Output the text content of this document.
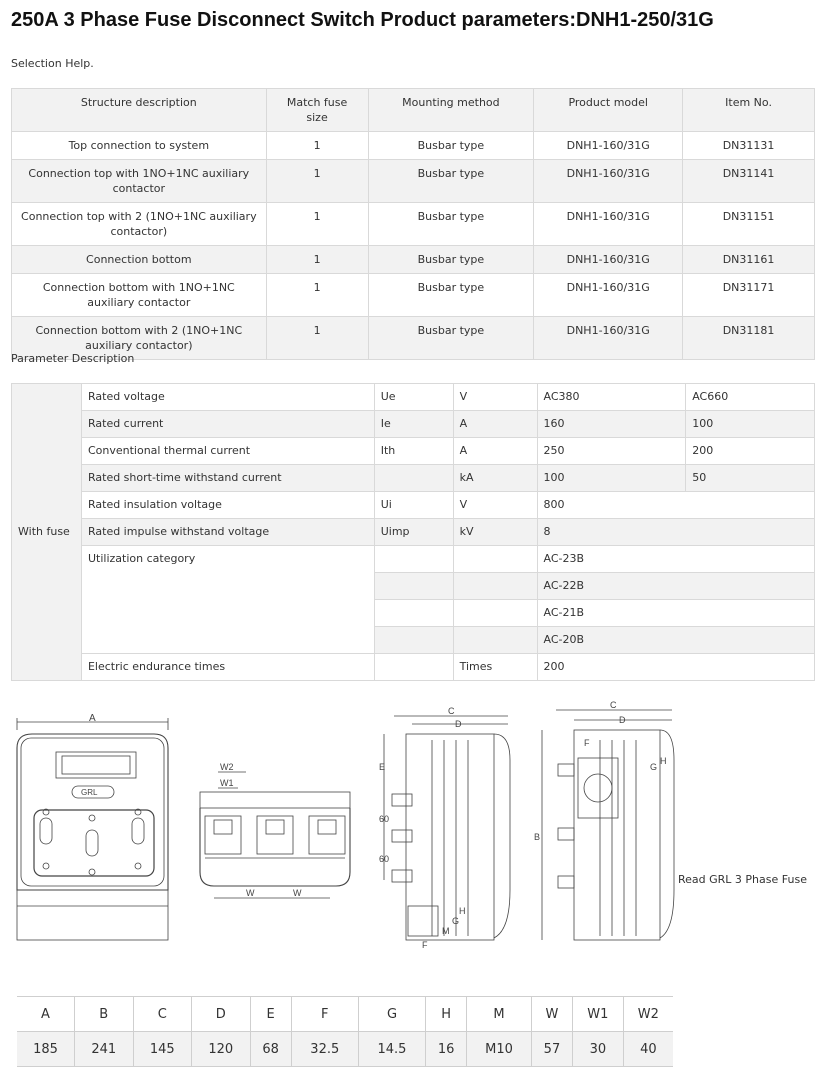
250A 3 Phase Fuse Disconnect Switch Product parameters:DNH1-250/31G
Selection Help.
Structure description	Match fuse size	Mounting method	Product model	Item No.
Top connection to system	1	Busbar type	DNH1-160/31G	DN31131
Connection top with 1NO+1NC auxiliary contactor	1	Busbar type	DNH1-160/31G	DN31141
Connection top with 2 (1NO+1NC auxiliary contactor)	1	Busbar type	DNH1-160/31G	DN31151
Connection bottom	1	Busbar type	DNH1-160/31G	DN31161
Connection bottom with 1NO+1NC auxiliary contactor	1	Busbar type	DNH1-160/31G	DN31171
Connection bottom with 2 (1NO+1NC auxiliary contactor)	1	Busbar type	DNH1-160/31G	DN31181
Parameter Description
With fuse	Rated voltage	Ue	V	AC380	AC660
	Rated current	Ie	A	160	100
	Conventional thermal current	Ith	A	250	200
	Rated short-time withstand current		kA	100	50
	Rated insulation voltage	Ui	V	800	
	Rated impulse withstand voltage	Uimp	kV	8	
	Utilization category			AC-23B	
				AC-22B	
				AC-21B	
				AC-20B	
	Electric endurance times		Times	200	
A
GRL
W2
W1
W	W
C
D
E
60
60
F
G
H
M
C
D
B
F
G
H
Read GRL 3 Phase Fuse
A	B	C	D	E	F	G	H	M	W	W1	W2
185	241	145	120	68	32.5	14.5	16	M10	57	30	40
